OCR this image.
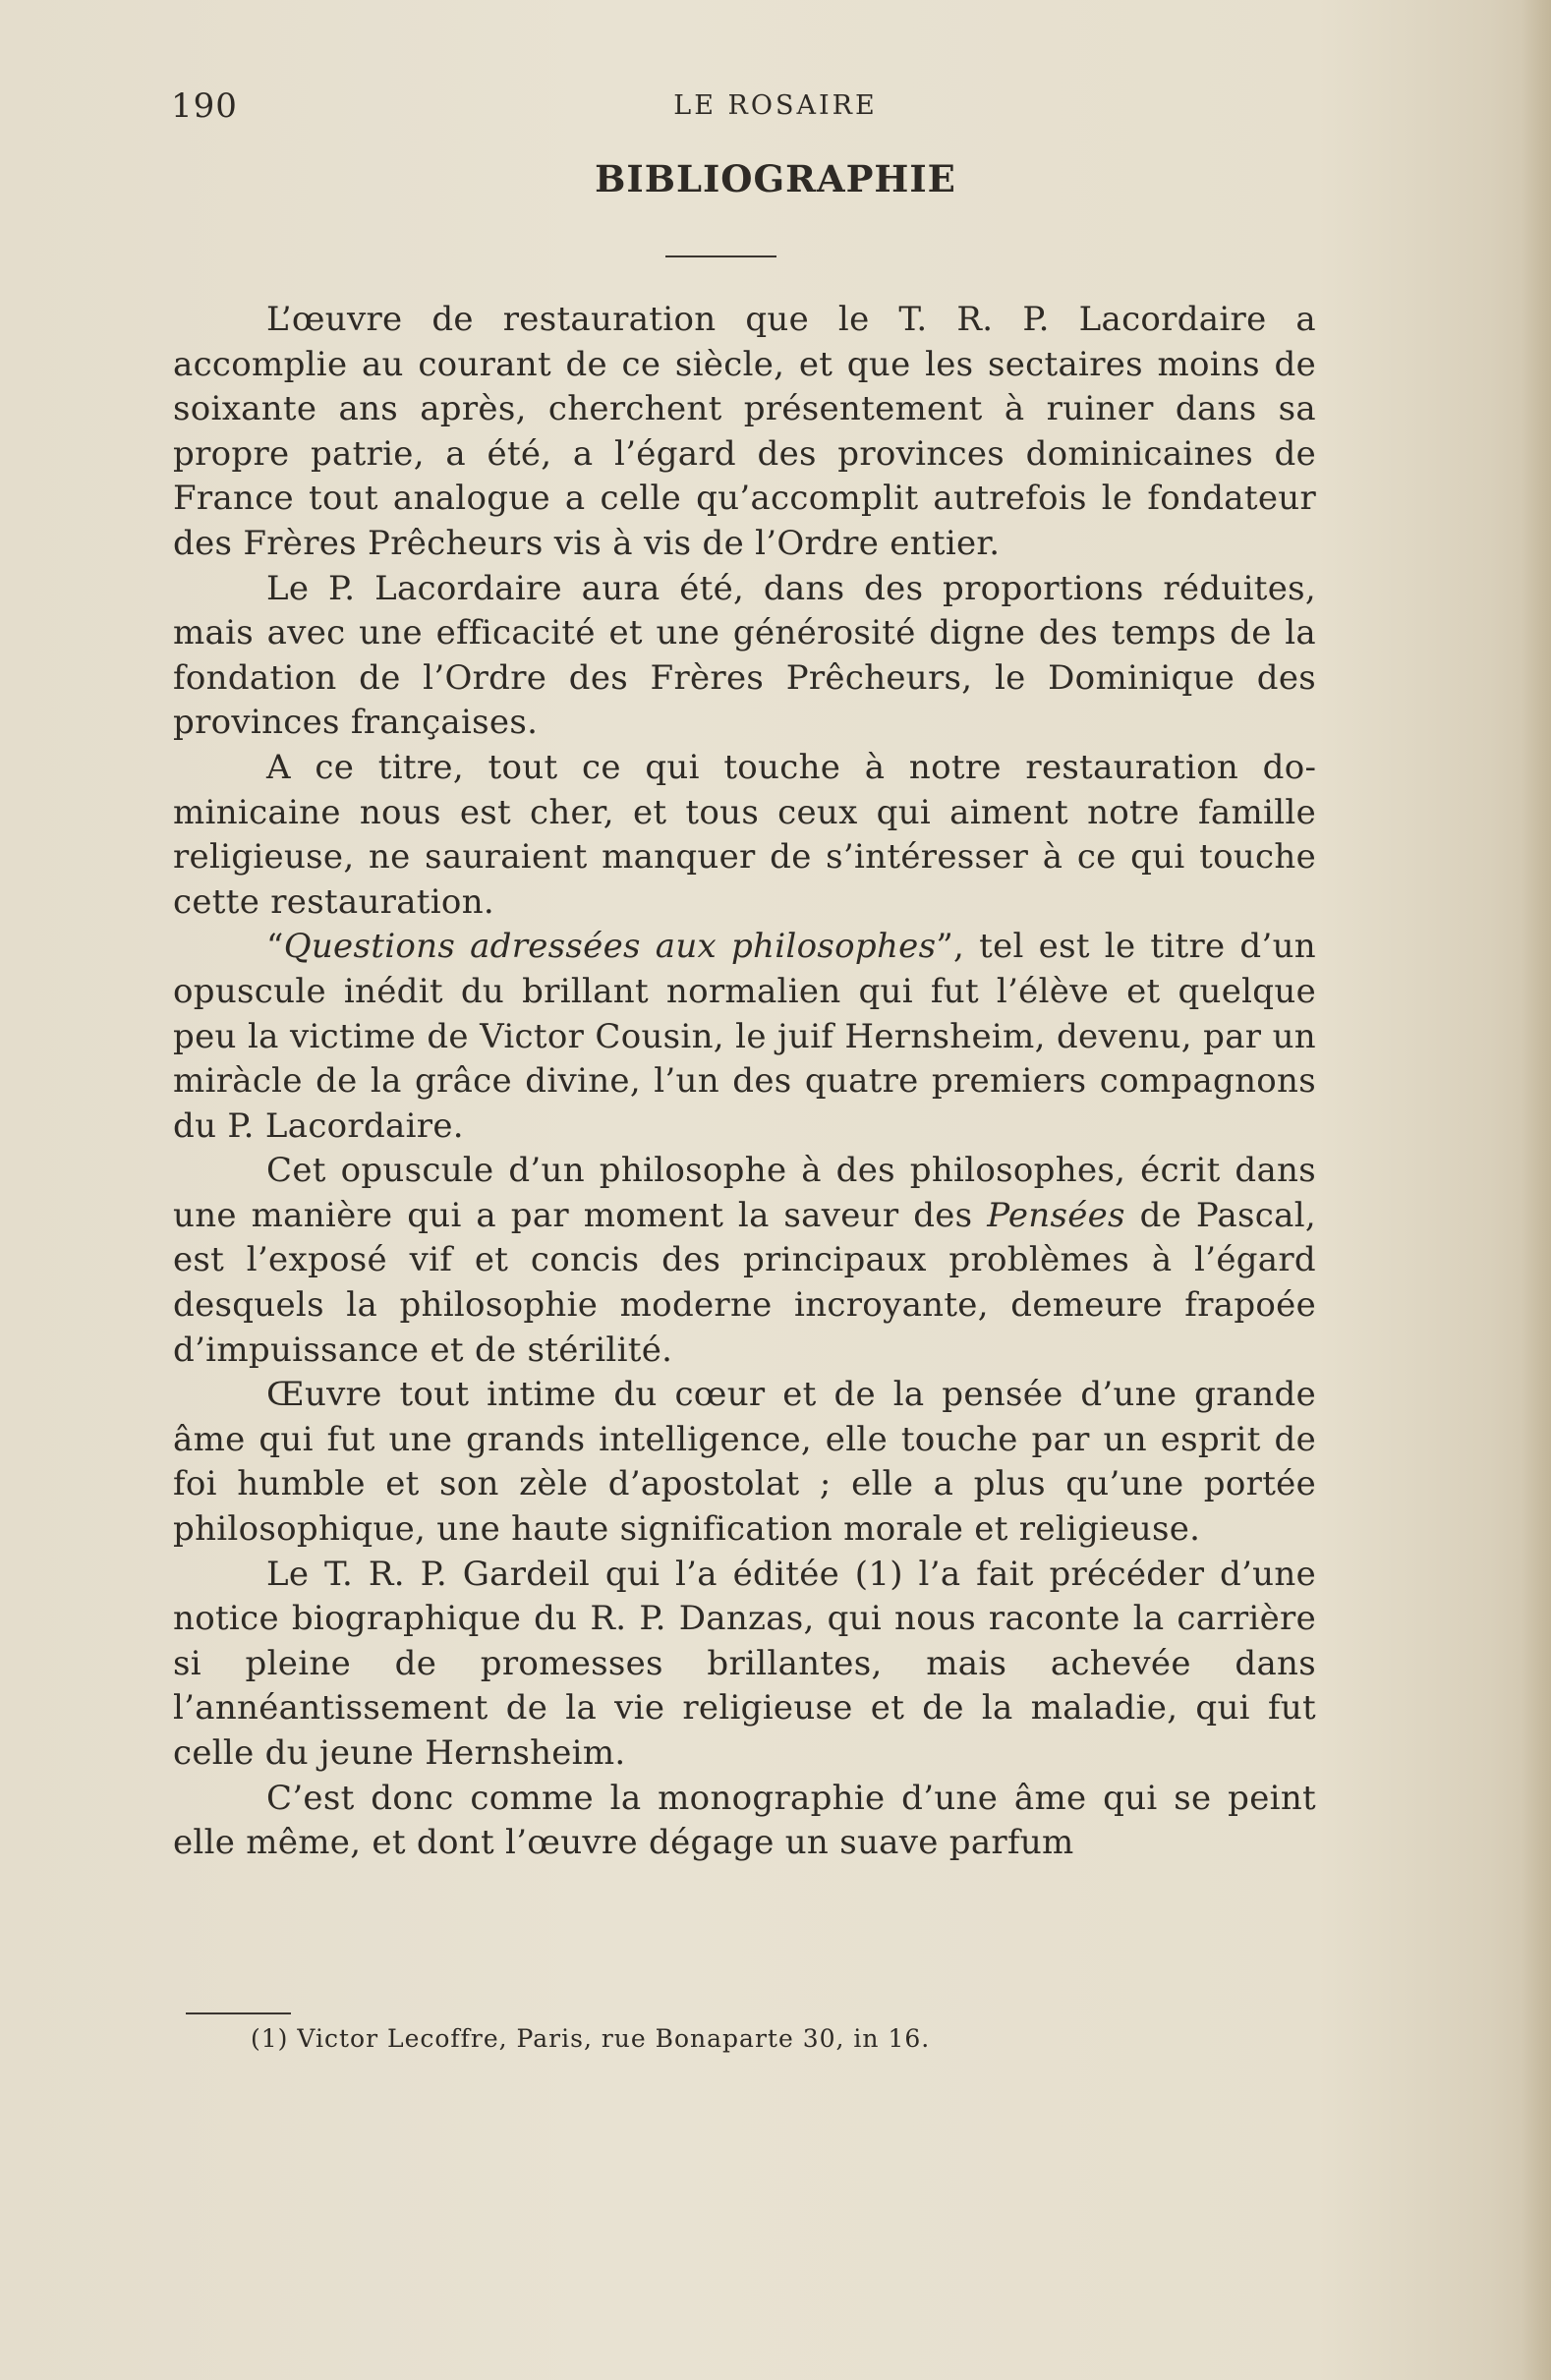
190	LE ROSAIRE

BIBLIOGRAPHIE

L’œuvre de restauration que le T. R. P. Lacordaire a accomplie au courant de ce siècle, et que les sectaires moins de soixante ans après, cherchent présentement à ruiner dans sa propre patrie, a été, a l’égard des provinces dominicaines de France tout analogue a celle qu’accomplit autrefois le fondateur des Frères Prêcheurs vis à vis de l’Ordre entier.

Le P. Lacordaire aura été, dans des proportions réduites, mais avec une efficacité et une générosité digne des temps de la fondation de l’Ordre des Frères Prêcheurs, le Dominique des provinces françaises.

A ce titre, tout ce qui touche à notre restauration dominicaine nous est cher, et tous ceux qui aiment notre famille religieuse, ne sauraient manquer de s’intéresser à ce qui touche cette restauration.

“Questions adressées aux philosophes”, tel est le titre d’un opuscule inédit du brillant normalien qui fut l’élève et quelque peu la victime de Victor Cousin, le juif Hernsheim, devenu, par un miràcle de la grâce divine, l’un des quatre premiers compagnons du P. Lacordaire.

Cet opuscule d’un philosophe à des philosophes, écrit dans une manière qui a par moment la saveur des Pensées de Pascal, est l’exposé vif et concis des principaux problèmes à l’égard desquels la philosophie moderne incroyante, demeure frapoée d’impuissance et de stérilité.

Œuvre tout intime du cœur et de la pensée d’une grande âme qui fut une grands intelligence, elle touche par un esprit de foi humble et son zèle d’apostolat ; elle a plus qu’une portée philosophique, une haute signification morale et religieuse.

Le T. R. P. Gardeil qui l’a éditée (1) l’a fait précéder d’une notice biographique du R. P. Danzas, qui nous raconte la carrière si pleine de promesses brillantes, mais achevée dans l’annéantissement de la vie religieuse et de la maladie, qui fut celle du jeune Hernsheim.

C’est donc comme la monographie d’une âme qui se peint elle même, et dont l’œuvre dégage un suave parfum

(1) Victor Lecoffre, Paris, rue Bonaparte 30, in 16.
